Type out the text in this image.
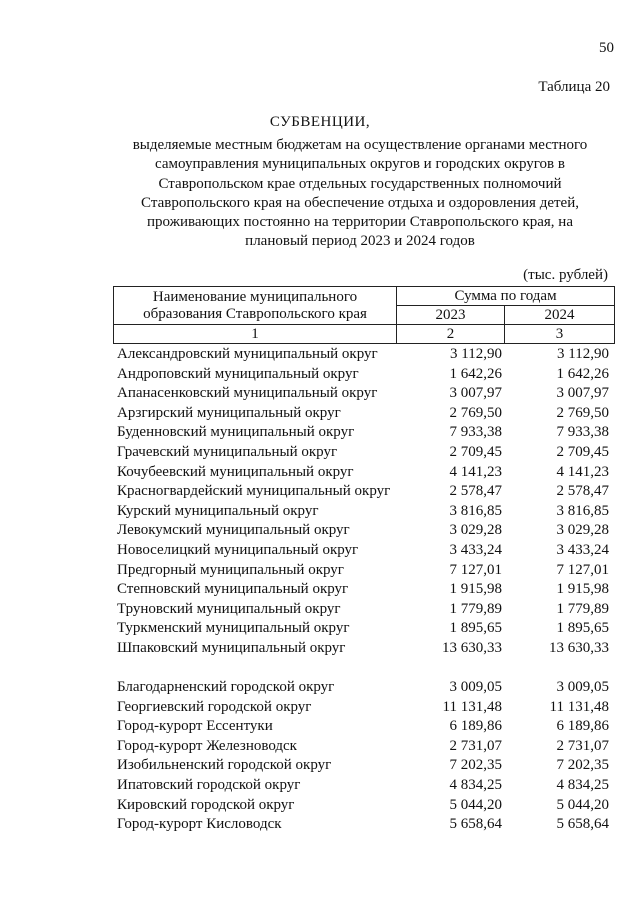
50
Таблица 20
СУБВЕНЦИИ,
выделяемые местным бюджетам на осуществление органами местного
самоуправления муниципальных округов и городских округов в
Ставропольском крае отдельных государственных полномочий
Ставропольского края на обеспечение отдыха и оздоровления детей,
проживающих постоянно на территории Ставропольского края, на
плановый период 2023 и 2024 годов
(тыс. рублей)
Наименование муниципального
образования Ставропольского края	Сумма по годам	
	2023	2024
1	2	3
Александровский муниципальный округ	3 112,90	3 112,90
Андроповский муниципальный округ	1 642,26	1 642,26
Апанасенковский муниципальный округ	3 007,97	3 007,97
Арзгирский муниципальный округ	2 769,50	2 769,50
Буденновский муниципальный округ	7 933,38	7 933,38
Грачевский муниципальный округ	2 709,45	2 709,45
Кочубеевский муниципальный округ	4 141,23	4 141,23
Красногвардейский муниципальный округ	2 578,47	2 578,47
Курский муниципальный округ	3 816,85	3 816,85
Левокумский муниципальный округ	3 029,28	3 029,28
Новоселицкий муниципальный округ	3 433,24	3 433,24
Предгорный муниципальный округ	7 127,01	7 127,01
Степновский муниципальный округ	1 915,98	1 915,98
Труновский муниципальный округ	1 779,89	1 779,89
Туркменский муниципальный округ	1 895,65	1 895,65
Шпаковский муниципальный округ	13 630,33	13 630,33
Благодарненский городской округ	3 009,05	3 009,05
Георгиевский городской округ	11 131,48	11 131,48
Город-курорт Ессентуки	6 189,86	6 189,86
Город-курорт Железноводск	2 731,07	2 731,07
Изобильненский городской округ	7 202,35	7 202,35
Ипатовский городской округ	4 834,25	4 834,25
Кировский городской округ	5 044,20	5 044,20
Город-курорт Кисловодск	5 658,64	5 658,64
